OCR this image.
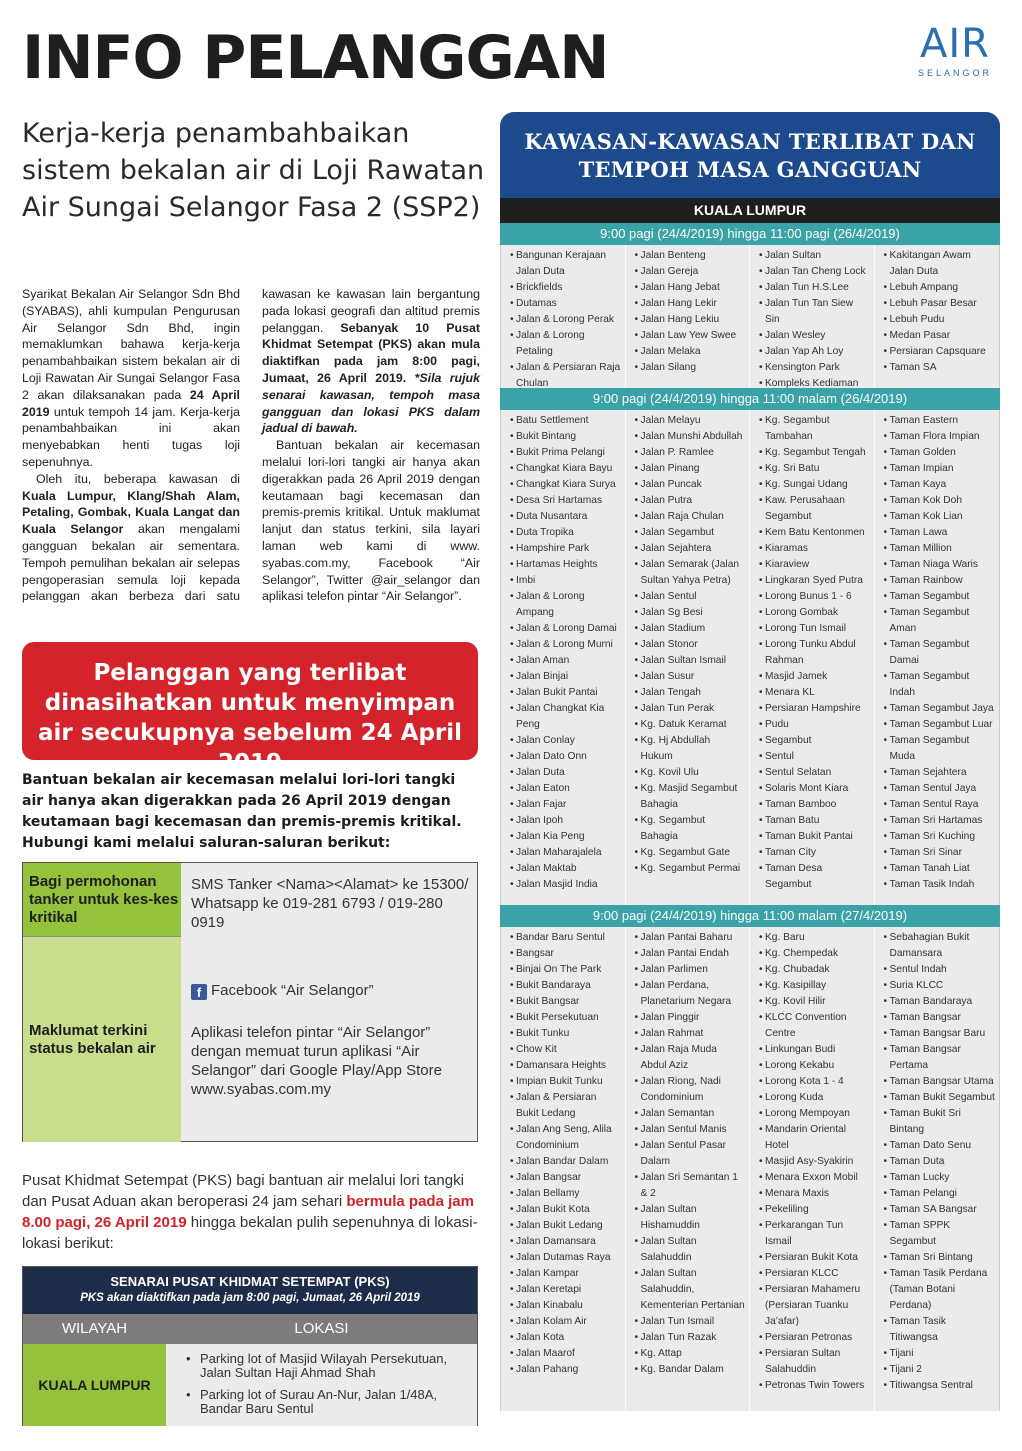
INFO PELANGGAN	AIR
SELANGOR
Kerja-kerja penambahbaikan sistem bekalan air di Loji Rawatan Air Sungai Selangor Fasa 2 (SSP2)

Syarikat Bekalan Air Selangor Sdn Bhd (SYABAS), ahli kumpulan Pengurusan Air Selangor Sdn Bhd, ingin memaklumkan bahawa kerja-kerja penambahbaikan sistem bekalan air di Loji Rawatan Air Sungai Selangor Fasa 2 akan dilaksanakan pada 24 April 2019 untuk tempoh 14 jam. Kerja-kerja penambahbaikan ini akan menyebabkan henti tugas loji sepenuhnya.

Oleh itu, beberapa kawasan di Kuala Lumpur, Klang/Shah Alam, Petaling, Gombak, Kuala Langat dan Kuala Selangor akan mengalami gangguan bekalan air sementara. Tempoh pemulihan bekalan air selepas pengoperasian semula loji kepada pelanggan akan berbeza dari satu kawasan ke kawasan lain bergantung pada lokasi geografi dan altitud premis pelanggan. Sebanyak 10 Pusat Khidmat Setempat (PKS) akan mula diaktifkan pada jam 8:00 pagi, Jumaat, 26 April 2019. *Sila rujuk senarai kawasan, tempoh masa gangguan dan lokasi PKS dalam jadual di bawah.

Bantuan bekalan air kecemasan melalui lori-lori tangki air hanya akan digerakkan pada 26 April 2019 dengan keutamaan bagi kecemasan dan premis-premis kritikal. Untuk maklumat lanjut dan status terkini, sila layari laman web kami di www. syabas.com.my, Facebook “Air Selangor”, Twitter @air_selangor dan aplikasi telefon pintar “Air Selangor”.

Pelanggan yang terlibat dinasihatkan untuk menyimpan air secukupnya sebelum 24 April 2019
Bantuan bekalan air kecemasan melalui lori-lori tangki air hanya akan digerakkan pada 26 April 2019 dengan keutamaan bagi kecemasan dan premis-premis kritikal. Hubungi kami melalui saluran-saluran berikut:
Bagi permohonan tanker untuk kes-kes kritikal
Maklumat terkini status bekalan air
SMS Tanker <Nama><Alamat> ke 15300/ Whatsapp ke 019-281 6793 / 019-280 0919
f Facebook “Air Selangor”
Aplikasi telefon pintar “Air Selangor” dengan memuat turun aplikasi “Air Selangor” dari Google Play/App Store www.syabas.com.my
Pusat Khidmat Setempat (PKS) bagi bantuan air melalui lori tangki dan Pusat Aduan akan beroperasi 24 jam sehari bermula pada jam 8.00 pagi, 26 April 2019 hingga bekalan pulih sepenuhnya di lokasi-lokasi berikut:
SENARAI PUSAT KHIDMAT SETEMPAT (PKS)
PKS akan diaktifkan pada jam 8:00 pagi, Jumaat, 26 April 2019
WILAYAH	LOKASI
KUALA LUMPUR
• Parking lot of Masjid Wilayah Persekutuan, Jalan Sultan Haji Ahmad Shah
• Parking lot of Surau An-Nur, Jalan 1/48A, Bandar Baru Sentul
KAWASAN-KAWASAN TERLIBAT DAN TEMPOH MASA GANGGUAN
KUALA LUMPUR
9:00 pagi (24/4/2019) hingga 11:00 pagi (26/4/2019)
• Bangunan Kerajaan Jalan Duta
• Brickfields
• Dutamas
• Jalan & Lorong Perak
• Jalan & Lorong Petaling
• Jalan & Persiaran Raja Chulan
• Jalan Benteng
• Jalan Gereja
• Jalan Hang Jebat
• Jalan Hang Lekir
• Jalan Hang Lekiu
• Jalan Law Yew Swee
• Jalan Melaka
• Jalan Silang
• Jalan Sultan
• Jalan Tan Cheng Lock
• Jalan Tun H.S.Lee
• Jalan Tun Tan Siew Sin
• Jalan Wesley
• Jalan Yap Ah Loy
• Kensington Park
• Kompleks Kediaman
• Kakitangan Awam Jalan Duta
• Lebuh Ampang
• Lebuh Pasar Besar
• Lebuh Pudu
• Medan Pasar
• Persiaran Capsquare
• Taman SA
9:00 pagi (24/4/2019) hingga 11:00 malam (26/4/2019)
• Batu Settlement
• Bukit Bintang
• Bukit Prima Pelangi
• Changkat Kiara Bayu
• Changkat Kiara Surya
• Desa Sri Hartamas
• Duta Nusantara
• Duta Tropika
• Hampshire Park
• Hartamas Heights
• Imbi
• Jalan & Lorong Ampang
• Jalan & Lorong Damai
• Jalan & Lorong Murni
• Jalan Aman
• Jalan Binjai
• Jalan Bukit Pantai
• Jalan Changkat Kia Peng
• Jalan Conlay
• Jalan Dato Onn
• Jalan Duta
• Jalan Eaton
• Jalan Fajar
• Jalan Ipoh
• Jalan Kia Peng
• Jalan Maharajalela
• Jalan Maktab
• Jalan Masjid India
• Jalan Melayu
• Jalan Munshi Abdullah
• Jalan P. Ramlee
• Jalan Pinang
• Jalan Puncak
• Jalan Putra
• Jalan Raja Chulan
• Jalan Segambut
• Jalan Sejahtera
• Jalan Semarak (Jalan Sultan Yahya Petra)
• Jalan Sentul
• Jalan Sg Besi
• Jalan Stadium
• Jalan Stonor
• Jalan Sultan Ismail
• Jalan Susur
• Jalan Tengah
• Jalan Tun Perak
• Kg. Datuk Keramat
• Kg. Hj Abdullah Hukum
• Kg. Kovil Ulu
• Kg. Masjid Segambut Bahagia
• Kg. Segambut Bahagia
• Kg. Segambut Gate
• Kg. Segambut Permai
• Kg. Segambut Tambahan
• Kg. Segambut Tengah
• Kg. Sri Batu
• Kg. Sungai Udang
• Kaw. Perusahaan Segambut
• Kem Batu Kentonmen
• Kiaramas
• Kiaraview
• Lingkaran Syed Putra
• Lorong Bunus 1 - 6
• Lorong Gombak
• Lorong Tun Ismail
• Lorong Tunku Abdul Rahman
• Masjid Jamek
• Menara KL
• Persiaran Hampshire
• Pudu
• Segambut
• Sentul
• Sentul Selatan
• Solaris Mont Kiara
• Taman Bamboo
• Taman Batu
• Taman Bukit Pantai
• Taman City
• Taman Desa Segambut
• Taman Eastern
• Taman Flora Impian
• Taman Golden
• Taman Impian
• Taman Kaya
• Taman Kok Doh
• Taman Kok Lian
• Taman Lawa
• Taman Million
• Taman Niaga Waris
• Taman Rainbow
• Taman Segambut
• Taman Segambut Aman
• Taman Segambut Damai
• Taman Segambut Indah
• Taman Segambut Jaya
• Taman Segambut Luar
• Taman Segambut Muda
• Taman Sejahtera
• Taman Sentul Jaya
• Taman Sentul Raya
• Taman Sri Hartamas
• Taman Sri Kuching
• Taman Sri Sinar
• Taman Tanah Liat
• Taman Tasik Indah
9:00 pagi (24/4/2019) hingga 11:00 malam (27/4/2019)
• Bandar Baru Sentul
• Bangsar
• Binjai On The Park
• Bukit Bandaraya
• Bukit Bangsar
• Bukit Persekutuan
• Bukit Tunku
• Chow Kit
• Damansara Heights
• Impian Bukit Tunku
• Jalan & Persiaran Bukit Ledang
• Jalan Ang Seng, Alila Condominium
• Jalan Bandar Dalam
• Jalan Bangsar
• Jalan Bellamy
• Jalan Bukit Kota
• Jalan Bukit Ledang
• Jalan Damansara
• Jalan Dutamas Raya
• Jalan Kampar
• Jalan Keretapi
• Jalan Kinabalu
• Jalan Kolam Air
• Jalan Kota
• Jalan Maarof
• Jalan Pahang
• Jalan Pantai Baharu
• Jalan Pantai Endah
• Jalan Parlimen
• Jalan Perdana, Planetarium Negara
• Jalan Pinggir
• Jalan Rahmat
• Jalan Raja Muda Abdul Aziz
• Jalan Riong, Nadi Condominium
• Jalan Semantan
• Jalan Sentul Manis
• Jalan Sentul Pasar Dalam
• Jalan Sri Semantan 1 & 2
• Jalan Sultan Hishamuddin
• Jalan Sultan Salahuddin
• Jalan Sultan Salahuddin, Kementerian Pertanian
• Jalan Tun Ismail
• Jalan Tun Razak
• Kg. Attap
• Kg. Bandar Dalam
• Kg. Baru
• Kg. Chempedak
• Kg. Chubadak
• Kg. Kasipillay
• Kg. Kovil Hilir
• KLCC Convention Centre
• Linkungan Budi
• Lorong Kekabu
• Lorong Kota 1 - 4
• Lorong Kuda
• Lorong Mempoyan
• Mandarin Oriental Hotel
• Masjid Asy-Syakirin
• Menara Exxon Mobil
• Menara Maxis
• Pekeliling
• Perkarangan Tun Ismail
• Persiaran Bukit Kota
• Persiaran KLCC
• Persiaran Mahameru (Persiaran Tuanku Ja’afar)
• Persiaran Petronas
• Persiaran Sultan Salahuddin
• Petronas Twin Towers
• Sebahagian Bukit Damansara
• Sentul Indah
• Suria KLCC
• Taman Bandaraya
• Taman Bangsar
• Taman Bangsar Baru
• Taman Bangsar Pertama
• Taman Bangsar Utama
• Taman Bukit Segambut
• Taman Bukit Sri Bintang
• Taman Dato Senu
• Taman Duta
• Taman Lucky
• Taman Pelangi
• Taman SA Bangsar
• Taman SPPK Segambut
• Taman Sri Bintang
• Taman Tasik Perdana (Taman Botani Perdana)
• Taman Tasik Titiwangsa
• Tijani
• Tijani 2
• Titiwangsa Sentral
